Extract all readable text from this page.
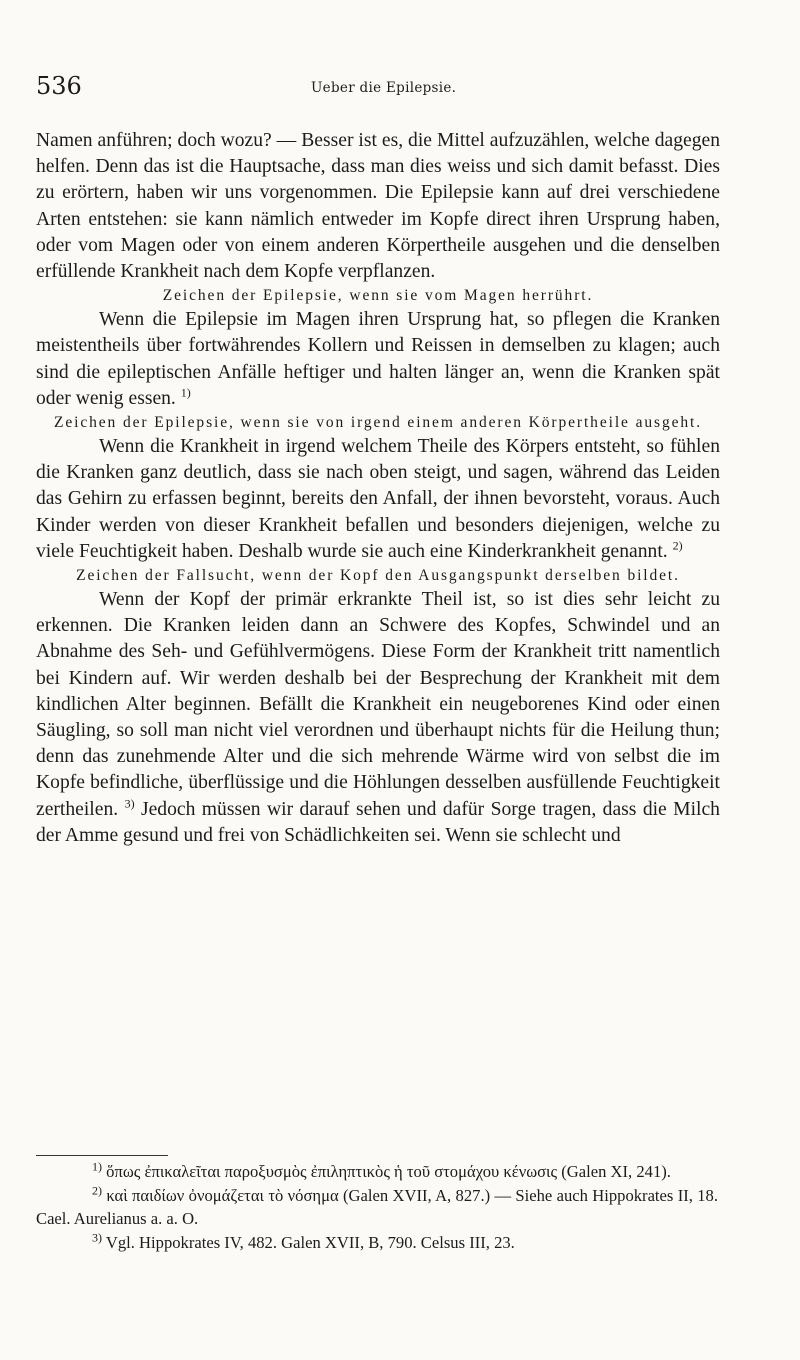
536	Ueber die Epilepsie.

Namen anführen; doch wozu? — Besser ist es, die Mittel aufzuzählen, welche dagegen helfen. Denn das ist die Hauptsache, dass man dies weiss und sich damit befasst. Dies zu erörtern, haben wir uns vorgenommen. Die Epilepsie kann auf drei verschiedene Arten entstehen: sie kann nämlich entweder im Kopfe direct ihren Ursprung haben, oder vom Magen oder von einem anderen Körpertheile ausgehen und die denselben erfüllende Krankheit nach dem Kopfe verpflanzen.

Zeichen der Epilepsie, wenn sie vom Magen herrührt.

Wenn die Epilepsie im Magen ihren Ursprung hat, so pflegen die Kranken meistentheils über fortwährendes Kollern und Reissen in demselben zu klagen; auch sind die epileptischen Anfälle heftiger und halten länger an, wenn die Kranken spät oder wenig essen. $^{1)}$

Zeichen der Epilepsie, wenn sie von irgend einem anderen Körpertheile ausgeht.

Wenn die Krankheit in irgend welchem Theile des Körpers entsteht, so fühlen die Kranken ganz deutlich, dass sie nach oben steigt, und sagen, während das Leiden das Gehirn zu erfassen beginnt, bereits den Anfall, der ihnen bevorsteht, voraus. Auch Kinder werden von dieser Krankheit befallen und besonders diejenigen, welche zu viele Feuchtigkeit haben. Deshalb wurde sie auch eine Kinderkrankheit genannt. $^{2)}$

Zeichen der Fallsucht, wenn der Kopf den Ausgangspunkt derselben bildet.

Wenn der Kopf der primär erkrankte Theil ist, so ist dies sehr leicht zu erkennen. Die Kranken leiden dann an Schwere des Kopfes, Schwindel und an Abnahme des Seh- und Gefühlvermögens. Diese Form der Krankheit tritt namentlich bei Kindern auf. Wir werden deshalb bei der Besprechung der Krankheit mit dem kindlichen Alter beginnen. Befällt die Krankheit ein neugeborenes Kind oder einen Säugling, so soll man nicht viel verordnen und überhaupt nichts für die Heilung thun; denn das zunehmende Alter und die sich mehrende Wärme wird von selbst die im Kopfe befindliche, überflüssige und die Höhlungen desselben ausfüllende Feuchtigkeit zertheilen. $^{3)}$ Jedoch müssen wir darauf sehen und dafür Sorge tragen, dass die Milch der Amme gesund und frei von Schädlichkeiten sei. Wenn sie schlecht und

$^{1)}$ ὅπως ἐπικαλεῖται παροξυσμὸς ἐπιληπτικὸς ἡ τοῦ στομάχου κένωσις (Galen XI, 241).

$^{2)}$ καὶ παιδίων ὀνομάζεται τὸ νόσημα (Galen XVII, A, 827.) — Siehe auch Hippokrates II, 18. Cael. Aurelianus a. a. O.

$^{3)}$ Vgl. Hippokrates IV, 482. Galen XVII, B, 790. Celsus III, 23.
